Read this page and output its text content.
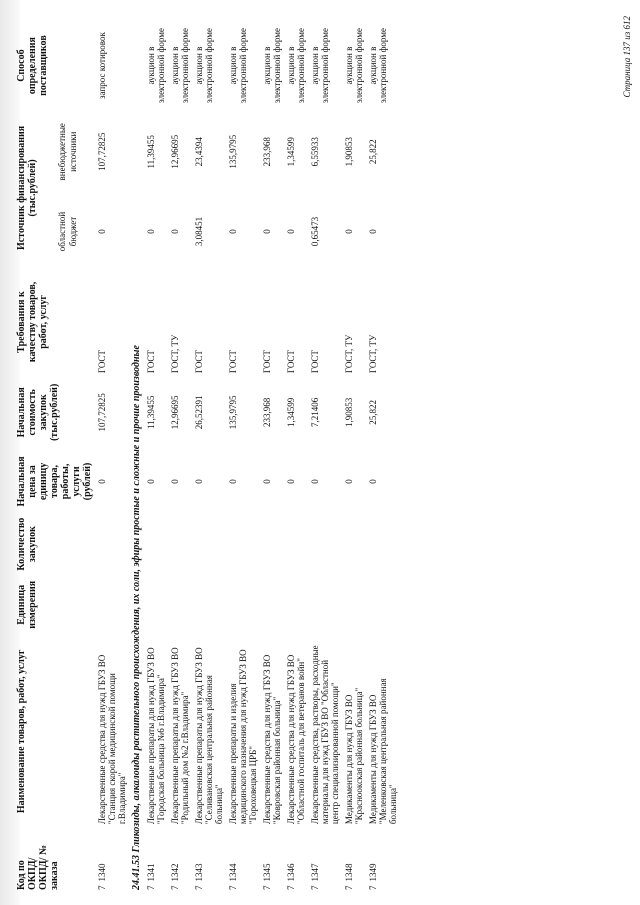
Код по ОКПД/ ОКПД/ № заказа	Наименование товаров, работ, услуг	Единица измерения	Количество закупок	Начальная цена за единицу товара, работы, услуги (рублей)	Начальная стоимость закупок (тыс.рублей)	Требования к качеству товаров, работ, услуг	Источник финансирования (тыс.рублей)		Способ определения поставщиков
							областной бюджет	внебюджетные источники	
71340	Лекарственные средства для нужд ГБУЗ ВО "Станция скорой медицинской помощи г.Владимира"			0	107,72825	ГОСТ	0	107,72825	запрос котировок
24.41.53 Гликозиды, алкалоиды растительного происхождения, их соли, эфиры простые и сложные и прочие производные									
71341	Лекарственные препараты для нужд ГБУЗ ВО "Городская больница №6 г.Владимира"			0	11,39455	ГОСТ	0	11,39455	аукцион в электронной форме
71342	Лекарственные препараты для нужд ГБУЗ ВО "Родильный дом №2 г.Владимира"			0	12,96695	ГОСТ, ТУ	0	12,96695	аукцион в электронной форме
71343	Лекарственные препараты для нужд ГБУЗ ВО "Селивановская центральная районная больница"			0	26,52391	ГОСТ	3,08451	23,4394	аукцион в электронной форме
71344	Лекарственные препараты и изделия медицинского назначения для нужд ГБУЗ ВО "Гороховецкая ЦРБ"			0	135,9795	ГОСТ	0	135,9795	аукцион в электронной форме
71345	Лекарственные средства для нужд ГБУЗ ВО "Ковровская районная больница"			0	233,968	ГОСТ	0	233,968	аукцион в электронной форме
71346	Лекарственные средства для нужд ГБУЗ ВО "Областной госпиталь для ветеранов войн"			0	1,34599	ГОСТ	0	1,34599	аукцион в электронной форме
71347	Лекарственные средства, растворы, расходные материалы для нужд ГБУЗ ВО "Областной центр специализированной помощи"			0	7,21406	ГОСТ	0,65473	6,55933	аукцион в электронной форме
71348	Медикаменты для нужд ГБУЗ ВО "Красноокская районная больница"			0	1,90853	ГОСТ, ТУ	0	1,90853	аукцион в электронной форме
71349	Медикаменты для нужд ГБУЗ ВО "Меленковская центральная районная больница"			0	25,822	ГОСТ, ТУ	0	25,822	аукцион в электронной форме	Страница 137 из 612
